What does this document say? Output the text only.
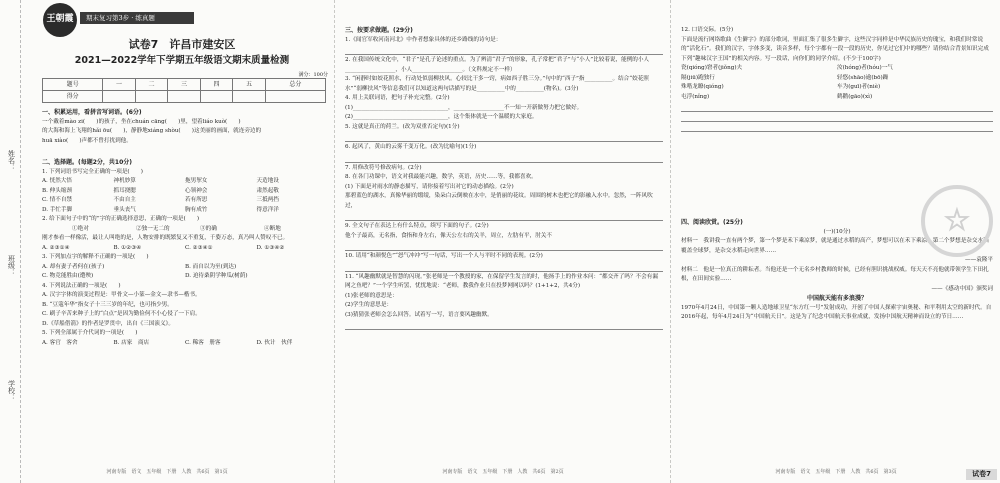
姓名：
班级：
学校：
王朝霞	期末复习第3步 · 练真题
试卷7　许昌市建安区
2021—2022学年下学期五年级语文期末质量检测
满分：100分
题号	一	二	三	四	五	总分
得分						

一、积累运用，看拼音写词语。(6分)

一个戴着mào zi(　　)的孩子，坐在chuán cāng(　　)里，望着liáo kuò(　　)

的大海和海上飞翔的hǎi ōu(　　)，静静地xiáng shòu(　　)这美丽的画面，就连旁边的

huā xiào(　　)声都不曾打扰到他。

二、选择题。(每题2分，共10分)

1. 下列词语书写完全正确的一项是(　　)

A. 恍然大悟	神机妙算	拖男挈女	天造地设
B. 伸头缩颈	抓耳挠腮	心领神会	肃然起敬
C. 情不自禁	不由自主	若有所思	三抵两挡
D. 手忙手脚	垂头丧气	胸有成竹	得意洋洋

2. 给下面句子中的“的”字的正确选择意思，正确的一项是(　　)

①绝对	②独一无二的	③的确	④断地

刚才参看一样像活，最让人叫绝的是，人物安排的既繁复又不重复，千姿万态，真乃叫人赞叹不已。

A. ②③①④	B. ①②③④	C. ②③④①	D. ①③④②

3. 下列加点字的解释不正确的一项是(　　)

A. 却有妻子者何在(孩子)	B. 而自以为至(到达)
C. 物竞能胜由(遭殃)	D. 迫待桑阴学种瓜(树荫)

4. 下列说法正确的一项是(　　)

A. 汉字字体的演变过程是：甲骨文—小篆—金文—隶书—楷书。

B. “豆蔻年华”指女子十三三岁的年纪，也可指少男。

C. 刷子辛苦来种子上的“白点”是因为勤俭何不小心侵了一下肩。

D.《草船借箭》的作者是罗贯中，出自《三国演义》。

5. 下列全部属于介代词的一项是(　　)

A. 客官　客舍	B. 店家　商店	C. 稀客　册客	D. 伙计　伙伴
河南专版　语文　五年级　下册　人教　共6页　第1页

三、按要求做题。(29分)

1.《闻官军收河南河北》中作者想象具体的还乡路线的诗句是：

2. 在我国传统文化中，“君子”是孔子论述的重点。为了辨清“君子”的形象，孔子常把“君子”与“小人”比较着说，能例的小人__________________，小人__________________。（文科规定不一样）

3. “闲静时如姣花照水，行动处似弱柳扶风。心较比干多一窍，病如西子胜三分。”句中的“西子”指__________。结合“姣花照水”“弱柳扶风”等信息我们可以知道这两句话描写的是__________中的__________(物名)。(3分)

4. 用上关联词语，把句子补充完整。(2分)

(1)__________________________________，__________________不一知一开新做努力把它做好。

(2)__________________________________，这个集体就是一个温暖的大家庭。

5. 这就是真正的荷兰。(改为双重否定句)(1分)

6. 起风了，黄山的云雾千变万化。(改为比喻句)(1分)

7. 用修改符号修改病句。(2分)

8. 在各门功课中，语文对我最能兴趣，数学，英语，历史……等，我都喜欢。

(1) 下面是对雨水的静态描写，请你接着写出对它的动态描绘。(2分)

那碧蓝色的湖水，真像华丽的缎绫，染朵白云倒映在水中，是俏丽的花纹。周围的树木也把它的影融入水中。忽然，一阵风吹过，

9. 全文句子在表达上有什么特点，续写下面的句子。(2分)

他个子最高，无名指，食指和身左右，像天公左右的关羊，周立，左肋有平，肘关不

10. 请用“和颜悦色”“怒气冲冲”写一句话，写出一个人与平时不同的表现。(2分)

11. “风趣幽默就是智慧的闪现。”张老师是一个教授的家，在保留学生发言的时，他扬手上的作业本问：“都交齐了吗？不会有漏网之鱼吧？”一个学生听罢，忧忧地说：“老师，教我作业只在投梦网网以吗？(1+1+2，共4分)

(1)张老师的意思是：

(2)学生的意思是：

(3)猜猜张老师会怎么回答。试着写一写，语言要风趣幽默。

河南专版　语文　五年级　下册　人教　共6页　第2页

12. 口语交际。(5分)

下面是流行网络歌曲《生僻字》的部分歌词，里面汇集了很多生僻字，这些汉字同样是中华民族历史的瑰宝，和我们时常说的“活化石”。我们的汉字，字体多变，读音多样，每个字都有一段一段的历史，你见过它们中的哪些？请你结合背景知识完成下列“趣味汉字王国”的相关内容。写一段话，向你们的同学介绍。(不少于100字)

瓷(qióng)窘者(jiǒng)夫	汝(hóng)者(hóu)一气
隔(jiū)跑独行	轻悠(shāo)逾(bō)躁
殊喈龙瞭(qióng)	车为(guī)者(niè)
屯浮(nǐng)	鹤鹳(gāo)(xì)

四、阅读欣赏。(25分)

(一)(10分)

材料一　我讲我一直有两个梦，第一个梦是禾下乘凉梦，就是通过水稻的高产，梦想可以在禾下乘凉；第二个梦想是杂交水稻覆盖全球梦，是杂交水稻走向世界……

——袁隆平

材料二　他是一位真正的耕耘者。当他还是一个无名乡村教师的时候，已经有胆识挑战权威。每天天不亮他就带领学生下田扎根，在田间实验……

——《感动中国》颁奖词

中国航天能有多浪漫？

1970年4月24日，中国第一颗人造地球卫星“东方红一号”发射成功，开创了中国人探索宇宙奥秘、和平利用太空的新时代。自2016年起，每年4月24日为“中国航天日”。这是为了纪念中国航天事业成就，发扬中国航天精神而设立的节日……

☆
河南专版　语文　五年级　下册　人教　共6页　第3页	试卷7
